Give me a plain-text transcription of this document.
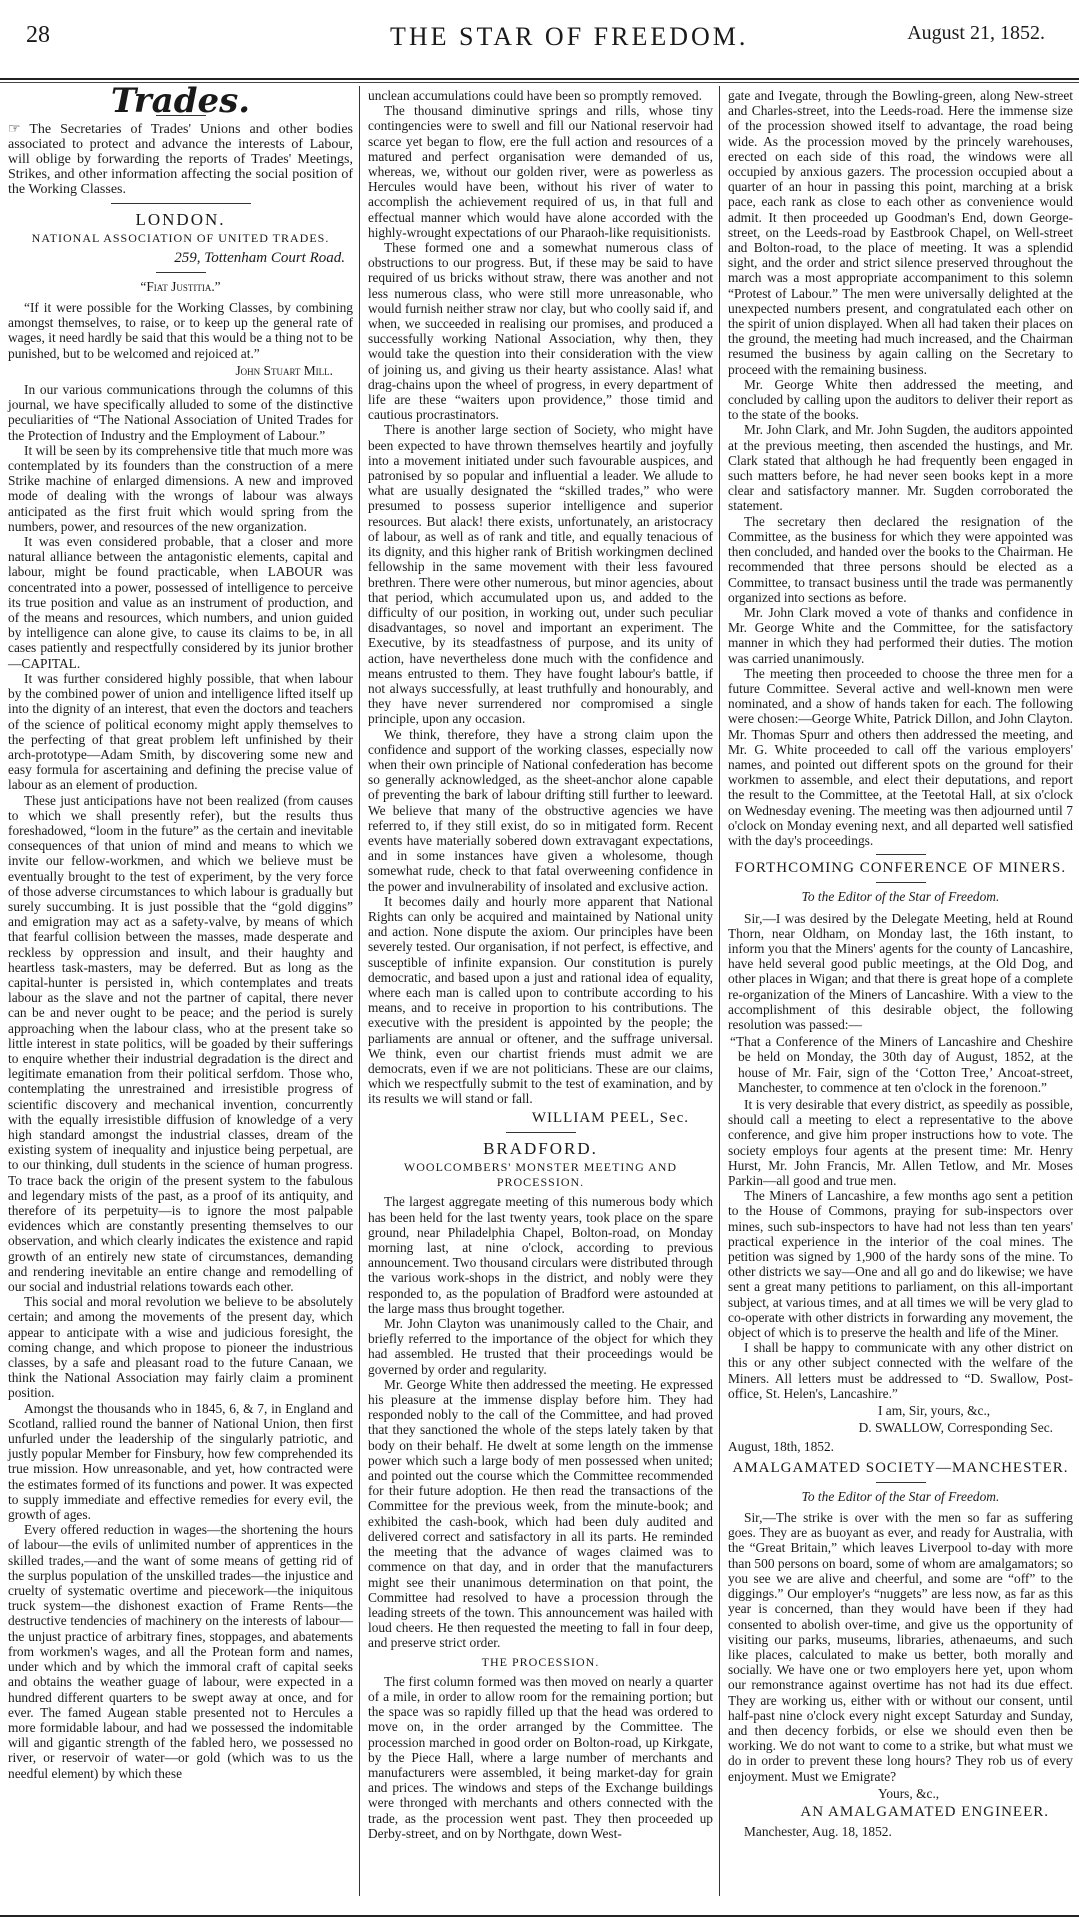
28	THE STAR OF FREEDOM.	August 21, 1852.
Trades.
☞ The Secretaries of Trades' Unions and other bodies associated to protect and advance the interests of Labour, will oblige by forwarding the reports of Trades' Meetings, Strikes, and other information affecting the social position of the Working Classes.
LONDON.
NATIONAL ASSOCIATION OF UNITED TRADES.
259, Tottenham Court Road.
“Fiat Justitia.”

“If it were possible for the Working Classes, by combining amongst themselves, to raise, or to keep up the general rate of wages, it need hardly be said that this would be a thing not to be punished, but to be welcomed and rejoiced at.”

John Stuart Mill.

In our various communications through the columns of this journal, we have specifically alluded to some of the distinctive peculiarities of “The National Association of United Trades for the Protection of Industry and the Employment of Labour.”

It will be seen by its comprehensive title that much more was contemplated by its founders than the construction of a mere Strike machine of enlarged dimensions. A new and improved mode of dealing with the wrongs of labour was always anticipated as the first fruit which would spring from the numbers, power, and resources of the new organization.

It was even considered probable, that a closer and more natural alliance between the antagonistic elements, capital and labour, might be found practicable, when LABOUR was concentrated into a power, possessed of intelligence to perceive its true position and value as an instrument of production, and of the means and resources, which numbers, and union guided by intelligence can alone give, to cause its claims to be, in all cases patiently and respectfully considered by its junior brother—CAPITAL.

It was further considered highly possible, that when labour by the combined power of union and intelligence lifted itself up into the dignity of an interest, that even the doctors and teachers of the science of political economy might apply themselves to the perfecting of that great problem left unfinished by their arch-prototype—Adam Smith, by discovering some new and easy formula for ascertaining and defining the precise value of labour as an element of production.

These just anticipations have not been realized (from causes to which we shall presently refer), but the results thus foreshadowed, “loom in the future” as the certain and inevitable consequences of that union of mind and means to which we invite our fellow-workmen, and which we believe must be eventually brought to the test of experiment, by the very force of those adverse circumstances to which labour is gradually but surely succumbing. It is just possible that the “gold diggins” and emigration may act as a safety-valve, by means of which that fearful collision between the masses, made desperate and reckless by oppression and insult, and their haughty and heartless task-masters, may be deferred. But as long as the capital-hunter is persisted in, which contemplates and treats labour as the slave and not the partner of capital, there never can be and never ought to be peace; and the period is surely approaching when the labour class, who at the present take so little interest in state politics, will be goaded by their sufferings to enquire whether their industrial degradation is the direct and legitimate emanation from their political serfdom. Those who, contemplating the unrestrained and irresistible progress of scientific discovery and mechanical invention, concurrently with the equally irresistible diffusion of knowledge of a very high standard amongst the industrial classes, dream of the existing system of inequality and injustice being perpetual, are to our thinking, dull students in the science of human progress. To trace back the origin of the present system to the fabulous and legendary mists of the past, as a proof of its antiquity, and therefore of its perpetuity—is to ignore the most palpable evidences which are constantly presenting themselves to our observation, and which clearly indicates the existence and rapid growth of an entirely new state of circumstances, demanding and rendering inevitable an entire change and remodelling of our social and industrial relations towards each other.

This social and moral revolution we believe to be absolutely certain; and among the movements of the present day, which appear to anticipate with a wise and judicious foresight, the coming change, and which propose to pioneer the industrious classes, by a safe and pleasant road to the future Canaan, we think the National Association may fairly claim a prominent position.

Amongst the thousands who in 1845, 6, & 7, in England and Scotland, rallied round the banner of National Union, then first unfurled under the leadership of the singularly patriotic, and justly popular Member for Finsbury, how few comprehended its true mission. How unreasonable, and yet, how contracted were the estimates formed of its functions and power. It was expected to supply immediate and effective remedies for every evil, the growth of ages.

Every offered reduction in wages—the shortening the hours of labour—the evils of unlimited number of apprentices in the skilled trades,—and the want of some means of getting rid of the surplus population of the unskilled trades—the injustice and cruelty of systematic overtime and piecework—the iniquitous truck system—the dishonest exaction of Frame Rents—the destructive tendencies of machinery on the interests of labour—the unjust practice of arbitrary fines, stoppages, and abatements from workmen's wages, and all the Protean form and names, under which and by which the immoral craft of capital seeks and obtains the weather guage of labour, were expected in a hundred different quarters to be swept away at once, and for ever. The famed Augean stable presented not to Hercules a more formidable labour, and had we possessed the indomitable will and gigantic strength of the fabled hero, we possessed no river, or reservoir of water—or gold (which was to us the needful element) by which these

unclean accumulations could have been so promptly removed.

The thousand diminutive springs and rills, whose tiny contingencies were to swell and fill our National reservoir had scarce yet began to flow, ere the full action and resources of a matured and perfect organisation were demanded of us, whereas, we, without our golden river, were as powerless as Hercules would have been, without his river of water to accomplish the achievement required of us, in that full and effectual manner which would have alone accorded with the highly-wrought expectations of our Pharaoh-like requisitionists.

These formed one and a somewhat numerous class of obstructions to our progress. But, if these may be said to have required of us bricks without straw, there was another and not less numerous class, who were still more unreasonable, who would furnish neither straw nor clay, but who coolly said if, and when, we succeeded in realising our promises, and produced a successfully working National Association, why then, they would take the question into their consideration with the view of joining us, and giving us their hearty assistance. Alas! what drag-chains upon the wheel of progress, in every department of life are these “waiters upon providence,” those timid and cautious procrastinators.

There is another large section of Society, who might have been expected to have thrown themselves heartily and joyfully into a movement initiated under such favourable auspices, and patronised by so popular and influential a leader. We allude to what are usually designated the “skilled trades,” who were presumed to possess superior intelligence and superior resources. But alack! there exists, unfortunately, an aristocracy of labour, as well as of rank and title, and equally tenacious of its dignity, and this higher rank of British workingmen declined fellowship in the same movement with their less favoured brethren. There were other numerous, but minor agencies, about that period, which accumulated upon us, and added to the difficulty of our position, in working out, under such peculiar disadvantages, so novel and important an experiment. The Executive, by its steadfastness of purpose, and its unity of action, have nevertheless done much with the confidence and means entrusted to them. They have fought labour's battle, if not always successfully, at least truthfully and honourably, and they have never surrendered nor compromised a single principle, upon any occasion.

We think, therefore, they have a strong claim upon the confidence and support of the working classes, especially now when their own principle of National confederation has become so generally acknowledged, as the sheet-anchor alone capable of preventing the bark of labour drifting still further to leeward. We believe that many of the obstructive agencies we have referred to, if they still exist, do so in mitigated form. Recent events have materially sobered down extravagant expectations, and in some instances have given a wholesome, though somewhat rude, check to that fatal overweening confidence in the power and invulnerability of insolated and exclusive action.

It becomes daily and hourly more apparent that National Rights can only be acquired and maintained by National unity and action. None dispute the axiom. Our principles have been severely tested. Our organisation, if not perfect, is effective, and susceptible of infinite expansion. Our constitution is purely democratic, and based upon a just and rational idea of equality, where each man is called upon to contribute according to his means, and to receive in proportion to his contributions. The executive with the president is appointed by the people; the parliaments are annual or oftener, and the suffrage universal. We think, even our chartist friends must admit we are democrats, even if we are not politicians. These are our claims, which we respectfully submit to the test of examination, and by its results we will stand or fall.

WILLIAM PEEL, Sec.
BRADFORD.
WOOLCOMBERS' MONSTER MEETING AND PROCESSION.

The largest aggregate meeting of this numerous body which has been held for the last twenty years, took place on the spare ground, near Philadelphia Chapel, Bolton-road, on Monday morning last, at nine o'clock, according to previous announcement. Two thousand circulars were distributed through the various work-shops in the district, and nobly were they responded to, as the population of Bradford were astounded at the large mass thus brought together.

Mr. John Clayton was unanimously called to the Chair, and briefly referred to the importance of the object for which they had assembled. He trusted that their proceedings would be governed by order and regularity.

Mr. George White then addressed the meeting. He expressed his pleasure at the immense display before him. They had responded nobly to the call of the Committee, and had proved that they sanctioned the whole of the steps lately taken by that body on their behalf. He dwelt at some length on the immense power which such a large body of men possessed when united; and pointed out the course which the Committee recommended for their future adoption. He then read the transactions of the Committee for the previous week, from the minute-book; and exhibited the cash-book, which had been duly audited and delivered correct and satisfactory in all its parts. He reminded the meeting that the advance of wages claimed was to commence on that day, and in order that the manufacturers might see their unanimous determination on that point, the Committee had resolved to have a procession through the leading streets of the town. This announcement was hailed with loud cheers. He then requested the meeting to fall in four deep, and preserve strict order.

THE PROCESSION.

The first column formed was then moved on nearly a quarter of a mile, in order to allow room for the remaining portion; but the space was so rapidly filled up that the head was ordered to move on, in the order arranged by the Committee. The procession marched in good order on Bolton-road, up Kirkgate, by the Piece Hall, where a large number of merchants and manufacturers were assembled, it being market-day for grain and prices. The windows and steps of the Exchange buildings were thronged with merchants and others connected with the trade, as the procession went past. They then proceeded up Derby-street, and on by Northgate, down West-

gate and Ivegate, through the Bowling-green, along New-street and Charles-street, into the Leeds-road. Here the immense size of the procession showed itself to advantage, the road being wide. As the procession moved by the princely warehouses, erected on each side of this road, the windows were all occupied by anxious gazers. The procession occupied about a quarter of an hour in passing this point, marching at a brisk pace, each rank as close to each other as convenience would admit. It then proceeded up Goodman's End, down George-street, on the Leeds-road by Eastbrook Chapel, on Well-street and Bolton-road, to the place of meeting. It was a splendid sight, and the order and strict silence preserved throughout the march was a most appropriate accompaniment to this solemn “Protest of Labour.” The men were universally delighted at the unexpected numbers present, and congratulated each other on the spirit of union displayed. When all had taken their places on the ground, the meeting had much increased, and the Chairman resumed the business by again calling on the Secretary to proceed with the remaining business.

Mr. George White then addressed the meeting, and concluded by calling upon the auditors to deliver their report as to the state of the books.

Mr. John Clark, and Mr. John Sugden, the auditors appointed at the previous meeting, then ascended the hustings, and Mr. Clark stated that although he had frequently been engaged in such matters before, he had never seen books kept in a more clear and satisfactory manner. Mr. Sugden corroborated the statement.

The secretary then declared the resignation of the Committee, as the business for which they were appointed was then concluded, and handed over the books to the Chairman. He recommended that three persons should be elected as a Committee, to transact business until the trade was permanently organized into sections as before.

Mr. John Clark moved a vote of thanks and confidence in Mr. George White and the Committee, for the satisfactory manner in which they had performed their duties. The motion was carried unanimously.

The meeting then proceeded to choose the three men for a future Committee. Several active and well-known men were nominated, and a show of hands taken for each. The following were chosen:—George White, Patrick Dillon, and John Clayton. Mr. Thomas Spurr and others then addressed the meeting, and Mr. G. White proceeded to call off the various employers' names, and pointed out different spots on the ground for their workmen to assemble, and elect their deputations, and report the result to the Committee, at the Teetotal Hall, at six o'clock on Wednesday evening. The meeting was then adjourned until 7 o'clock on Monday evening next, and all departed well satisfied with the day's proceedings.

FORTHCOMING CONFERENCE OF MINERS.
To the Editor of the Star of Freedom.

Sir,—I was desired by the Delegate Meeting, held at Round Thorn, near Oldham, on Monday last, the 16th instant, to inform you that the Miners' agents for the county of Lancashire, have held several good public meetings, at the Old Dog, and other places in Wigan; and that there is great hope of a complete re-organization of the Miners of Lancashire. With a view to the accomplishment of this desirable object, the following resolution was passed:—

“That a Conference of the Miners of Lancashire and Cheshire be held on Monday, the 30th day of August, 1852, at the house of Mr. Fair, sign of the ‘Cotton Tree,’ Ancoat-street, Manchester, to commence at ten o'clock in the forenoon.”

It is very desirable that every district, as speedily as possible, should call a meeting to elect a representative to the above conference, and give him proper instructions how to vote. The society employs four agents at the present time: Mr. Henry Hurst, Mr. John Francis, Mr. Allen Tetlow, and Mr. Moses Parkin—all good and true men.

The Miners of Lancashire, a few months ago sent a petition to the House of Commons, praying for sub-inspectors over mines, such sub-inspectors to have had not less than ten years' practical experience in the interior of the coal mines. The petition was signed by 1,900 of the hardy sons of the mine. To other districts we say—One and all go and do likewise; we have sent a great many petitions to parliament, on this all-important subject, at various times, and at all times we will be very glad to co-operate with other districts in forwarding any movement, the object of which is to preserve the health and life of the Miner.

I shall be happy to communicate with any other district on this or any other subject connected with the welfare of the Miners. All letters must be addressed to “D. Swallow, Post-office, St. Helen's, Lancashire.”

I am, Sir, yours, &c.,
D. SWALLOW, Corresponding Sec.
August, 18th, 1852.
AMALGAMATED SOCIETY—MANCHESTER.
To the Editor of the Star of Freedom.

Sir,—The strike is over with the men so far as suffering goes. They are as buoyant as ever, and ready for Australia, with the “Great Britain,” which leaves Liverpool to-day with more than 500 persons on board, some of whom are amalgamators; so you see we are alive and cheerful, and some are “off” to the diggings.” Our employer's “nuggets” are less now, as far as this year is concerned, than they would have been if they had consented to abolish over-time, and give us the opportunity of visiting our parks, museums, libraries, athenaeums, and such like places, calculated to make us better, both morally and socially. We have one or two employers here yet, upon whom our remonstrance against overtime has not had its due effect. They are working us, either with or without our consent, until half-past nine o'clock every night except Saturday and Sunday, and then decency forbids, or else we should even then be working. We do not want to come to a strike, but what must we do in order to prevent these long hours? They rob us of every enjoyment. Must we Emigrate?

Yours, &c.,
AN AMALGAMATED ENGINEER.
Manchester, Aug. 18, 1852.
